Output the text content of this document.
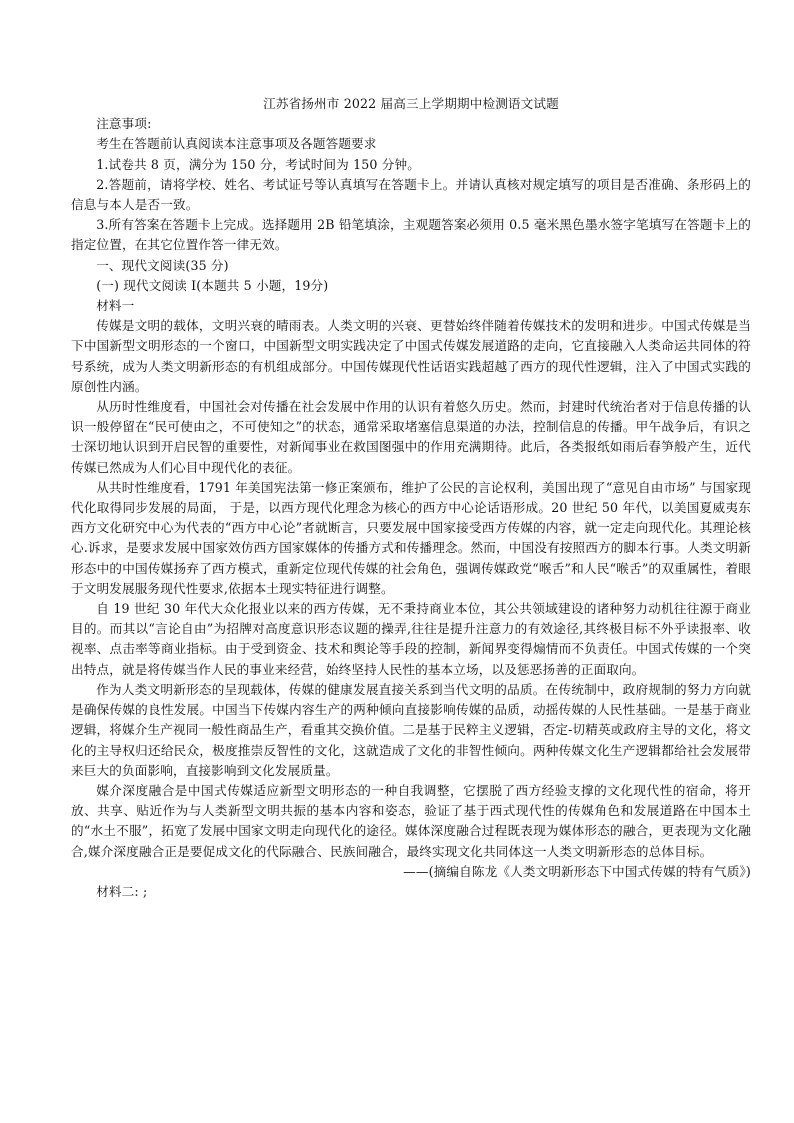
江苏省扬州市 2022 届高三上学期期中检测语文试题
注意事项:
考生在答题前认真阅读本注意事项及各题答题要求
1.试卷共 8 页，满分为 150 分，考试时间为 150 分钟。
2.答题前，请将学校、姓名、考试证号等认真填写在答题卡上。并请认真核对规定填写的项目是否准确、条形码上的信息与本人是否一致。
3.所有答案在答题卡上完成。选择题用 2B 铅笔填涂，主观题答案必须用 0.5 毫米黑色墨水签字笔填写在答题卡上的指定位置，在其它位置作答一律无效。
一、现代文阅读(35 分)
(一) 现代文阅读 I(本题共 5 小题，19分)
材料一
传媒是文明的载体，文明兴衰的晴雨表。人类文明的兴衰、更替始终伴随着传媒技术的发明和进步。中国式传媒是当下中国新型文明形态的一个窗口，中国新型文明实践决定了中国式传媒发展道路的走向，它直接融入人类命运共同体的符号系统，成为人类文明新形态的有机组成部分。中国传媒现代性话语实践超越了西方的现代性逻辑，注入了中国式实践的原创性内涵。
从历时性维度看，中国社会对传播在社会发展中作用的认识有着悠久历史。然而，封建时代统治者对于信息传播的认识一般停留在“民可使由之，不可使知之”的状态，通常采取堵塞信息渠道的办法，控制信息的传播。甲午战争后，有识之士深切地认识到开启民智的重要性，对新闻事业在救国图强中的作用充满期待。此后，各类报纸如雨后春笋般产生，近代传媒已然成为人们心目中现代化的表征。
从共时性维度看，1791 年美国宪法第一修正案颁布，维护了公民的言论权利，美国出现了“意见自由市场” 与国家现代化取得同步发展的局面， 于是，以西方现代化理念为核心的西方中心论话语形成。20 世纪 50 年代，以美国夏威夷东西方文化研究中心为代表的“西方中心论”者就断言，只要发展中国家接受西方传媒的内容，就一定走向现代化。其理论核心.诉求，是要求发展中国家效仿西方国家媒体的传播方式和传播理念。然而，中国没有按照西方的脚本行事。人类文明新形态中的中国传媒扬弃了西方模式，重新定位现代传媒的社会角色，强调传媒政党“喉舌”和人民“喉舌”的双重属性，着眼于文明发展服务现代性要求,依据本土现实特征进行调整。
自 19 世纪 30 年代大众化报业以来的西方传媒，无不秉持商业本位，其公共领域建设的诸种努力动机往往源于商业目的。而其以“言论自由”为招牌对高度意识形态议题的操弄,往往是提升注意力的有效途径,其终极目标不外乎读报率、收视率、点击率等商业指标。由于受到资金、技术和舆论等手段的控制，新闻界变得煽情而不负责任。中国式传媒的一个突出特点，就是将传媒当作人民的事业来经营，始终坚持人民性的基本立场，以及惩恶扬善的正面取向。
作为人类文明新形态的呈现载体，传媒的健康发展直接关系到当代文明的品质。在传统制中，政府规制的努力方向就是确保传媒的良性发展。中国当下传媒内容生产的两种倾向直接影响传媒的品质，动摇传媒的人民性基础。一是基于商业逻辑，将媒介生产视同一般性商品生产，看重其交换价值。二是基于民粹主义逻辑，否定-切精英或政府主导的文化，将文化的主导权归还给民众，极度推崇反智性的文化，这就造成了文化的非智性倾向。两种传媒文化生产逻辑都给社会发展带来巨大的负面影响，直接影响到文化发展质量。
媒介深度融合是中国式传媒适应新型文明形态的一种自我调整，它摆脱了西方经验支撑的文化现代性的宿命，将开放、共享、贴近作为与人类新型文明共振的基本内容和姿态，验证了基于西式现代性的传媒角色和发展道路在中国本土的“水土不服”，拓宽了发展中国家文明走向现代化的途径。媒体深度融合过程既表现为媒体形态的融合，更表现为文化融合,媒介深度融合正是要促成文化的代际融合、民族间融合，最终实现文化共同体这一人类文明新形态的总体目标。
——(摘编自陈龙《人类文明新形态下中国式传媒的特有气质》)
材料二: ;
